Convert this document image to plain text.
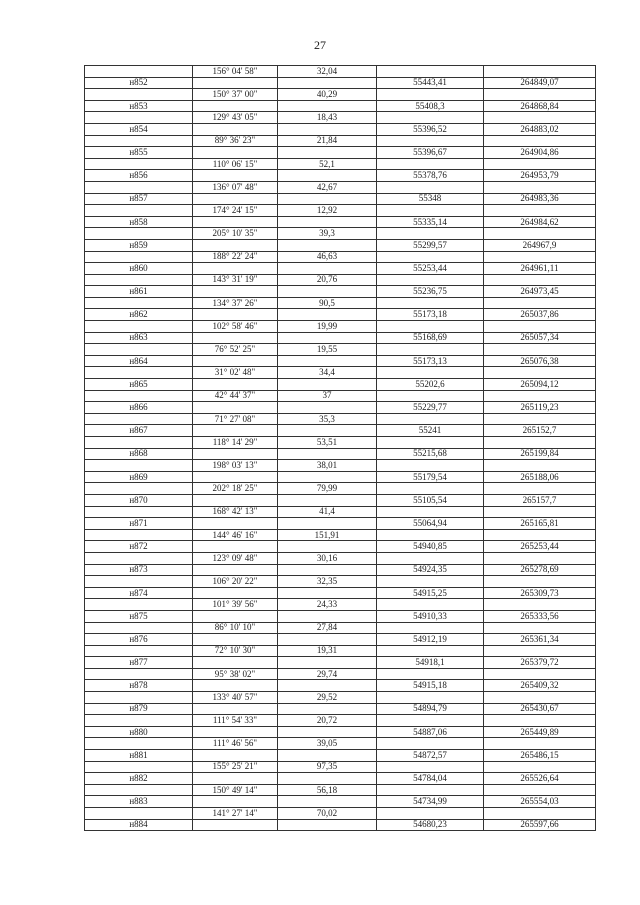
27
	156° 04' 58"	32,04		
н852			55443,41	264849,07
	150° 37' 00"	40,29		
н853			55408,3	264868,84
	129° 43' 05"	18,43		
н854			55396,52	264883,02
	89° 36' 23"	21,84		
н855			55396,67	264904,86
	110° 06' 15"	52,1		
н856			55378,76	264953,79
	136° 07' 48"	42,67		
н857			55348	264983,36
	174° 24' 15"	12,92		
н858			55335,14	264984,62
	205° 10' 35"	39,3		
н859			55299,57	264967,9
	188° 22' 24"	46,63		
н860			55253,44	264961,11
	143° 31' 19"	20,76		
н861			55236,75	264973,45
	134° 37' 26"	90,5		
н862			55173,18	265037,86
	102° 58' 46"	19,99		
н863			55168,69	265057,34
	76° 52' 25"	19,55		
н864			55173,13	265076,38
	31° 02' 48"	34,4		
н865			55202,6	265094,12
	42° 44' 37"	37		
н866			55229,77	265119,23
	71° 27' 08"	35,3		
н867			55241	265152,7
	118° 14' 29"	53,51		
н868			55215,68	265199,84
	198° 03' 13"	38,01		
н869			55179,54	265188,06
	202° 18' 25"	79,99		
н870			55105,54	265157,7
	168° 42' 13"	41,4		
н871			55064,94	265165,81
	144° 46' 16"	151,91		
н872			54940,85	265253,44
	123° 09' 48"	30,16		
н873			54924,35	265278,69
	106° 20' 22"	32,35		
н874			54915,25	265309,73
	101° 39' 56"	24,33		
н875			54910,33	265333,56
	86° 10' 10"	27,84		
н876			54912,19	265361,34
	72° 10' 30"	19,31		
н877			54918,1	265379,72
	95° 38' 02"	29,74		
н878			54915,18	265409,32
	133° 40' 57"	29,52		
н879			54894,79	265430,67
	111° 54' 33"	20,72		
н880			54887,06	265449,89
	111° 46' 56"	39,05		
н881			54872,57	265486,15
	155° 25' 21"	97,35		
н882			54784,04	265526,64
	150° 49' 14"	56,18		
н883			54734,99	265554,03
	141° 27' 14"	70,02		
н884			54680,23	265597,66
